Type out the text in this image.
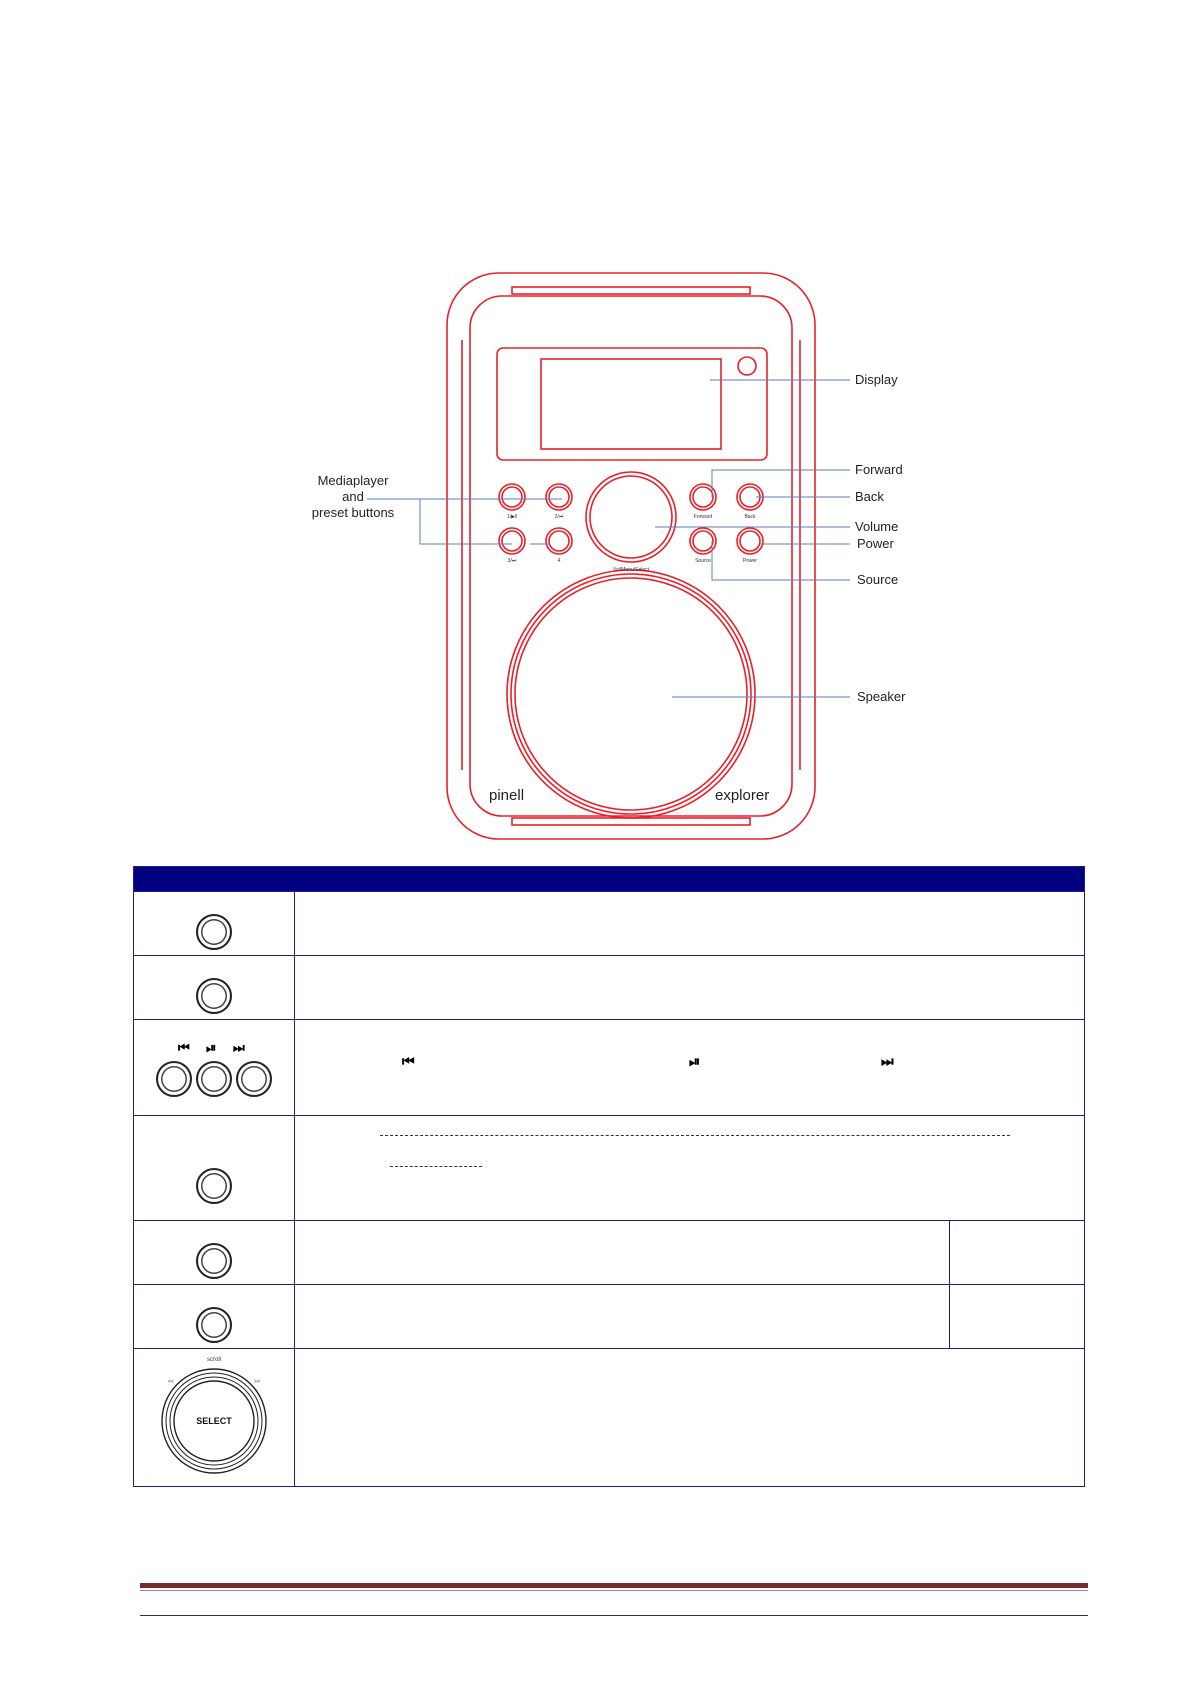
1/▶‖	2/⏮
3/⏭	4
Forward	Back
Source	Power
Vol/Menu/Select
pinell	explorer
Display
Forward
Back
Volume
Power
Source
Speaker
Mediaplayer
and
preset buttons

⏮ ⏯ ⏭	⏮ ⏯ ⏭	

scroll
<< >>
SELECT		
